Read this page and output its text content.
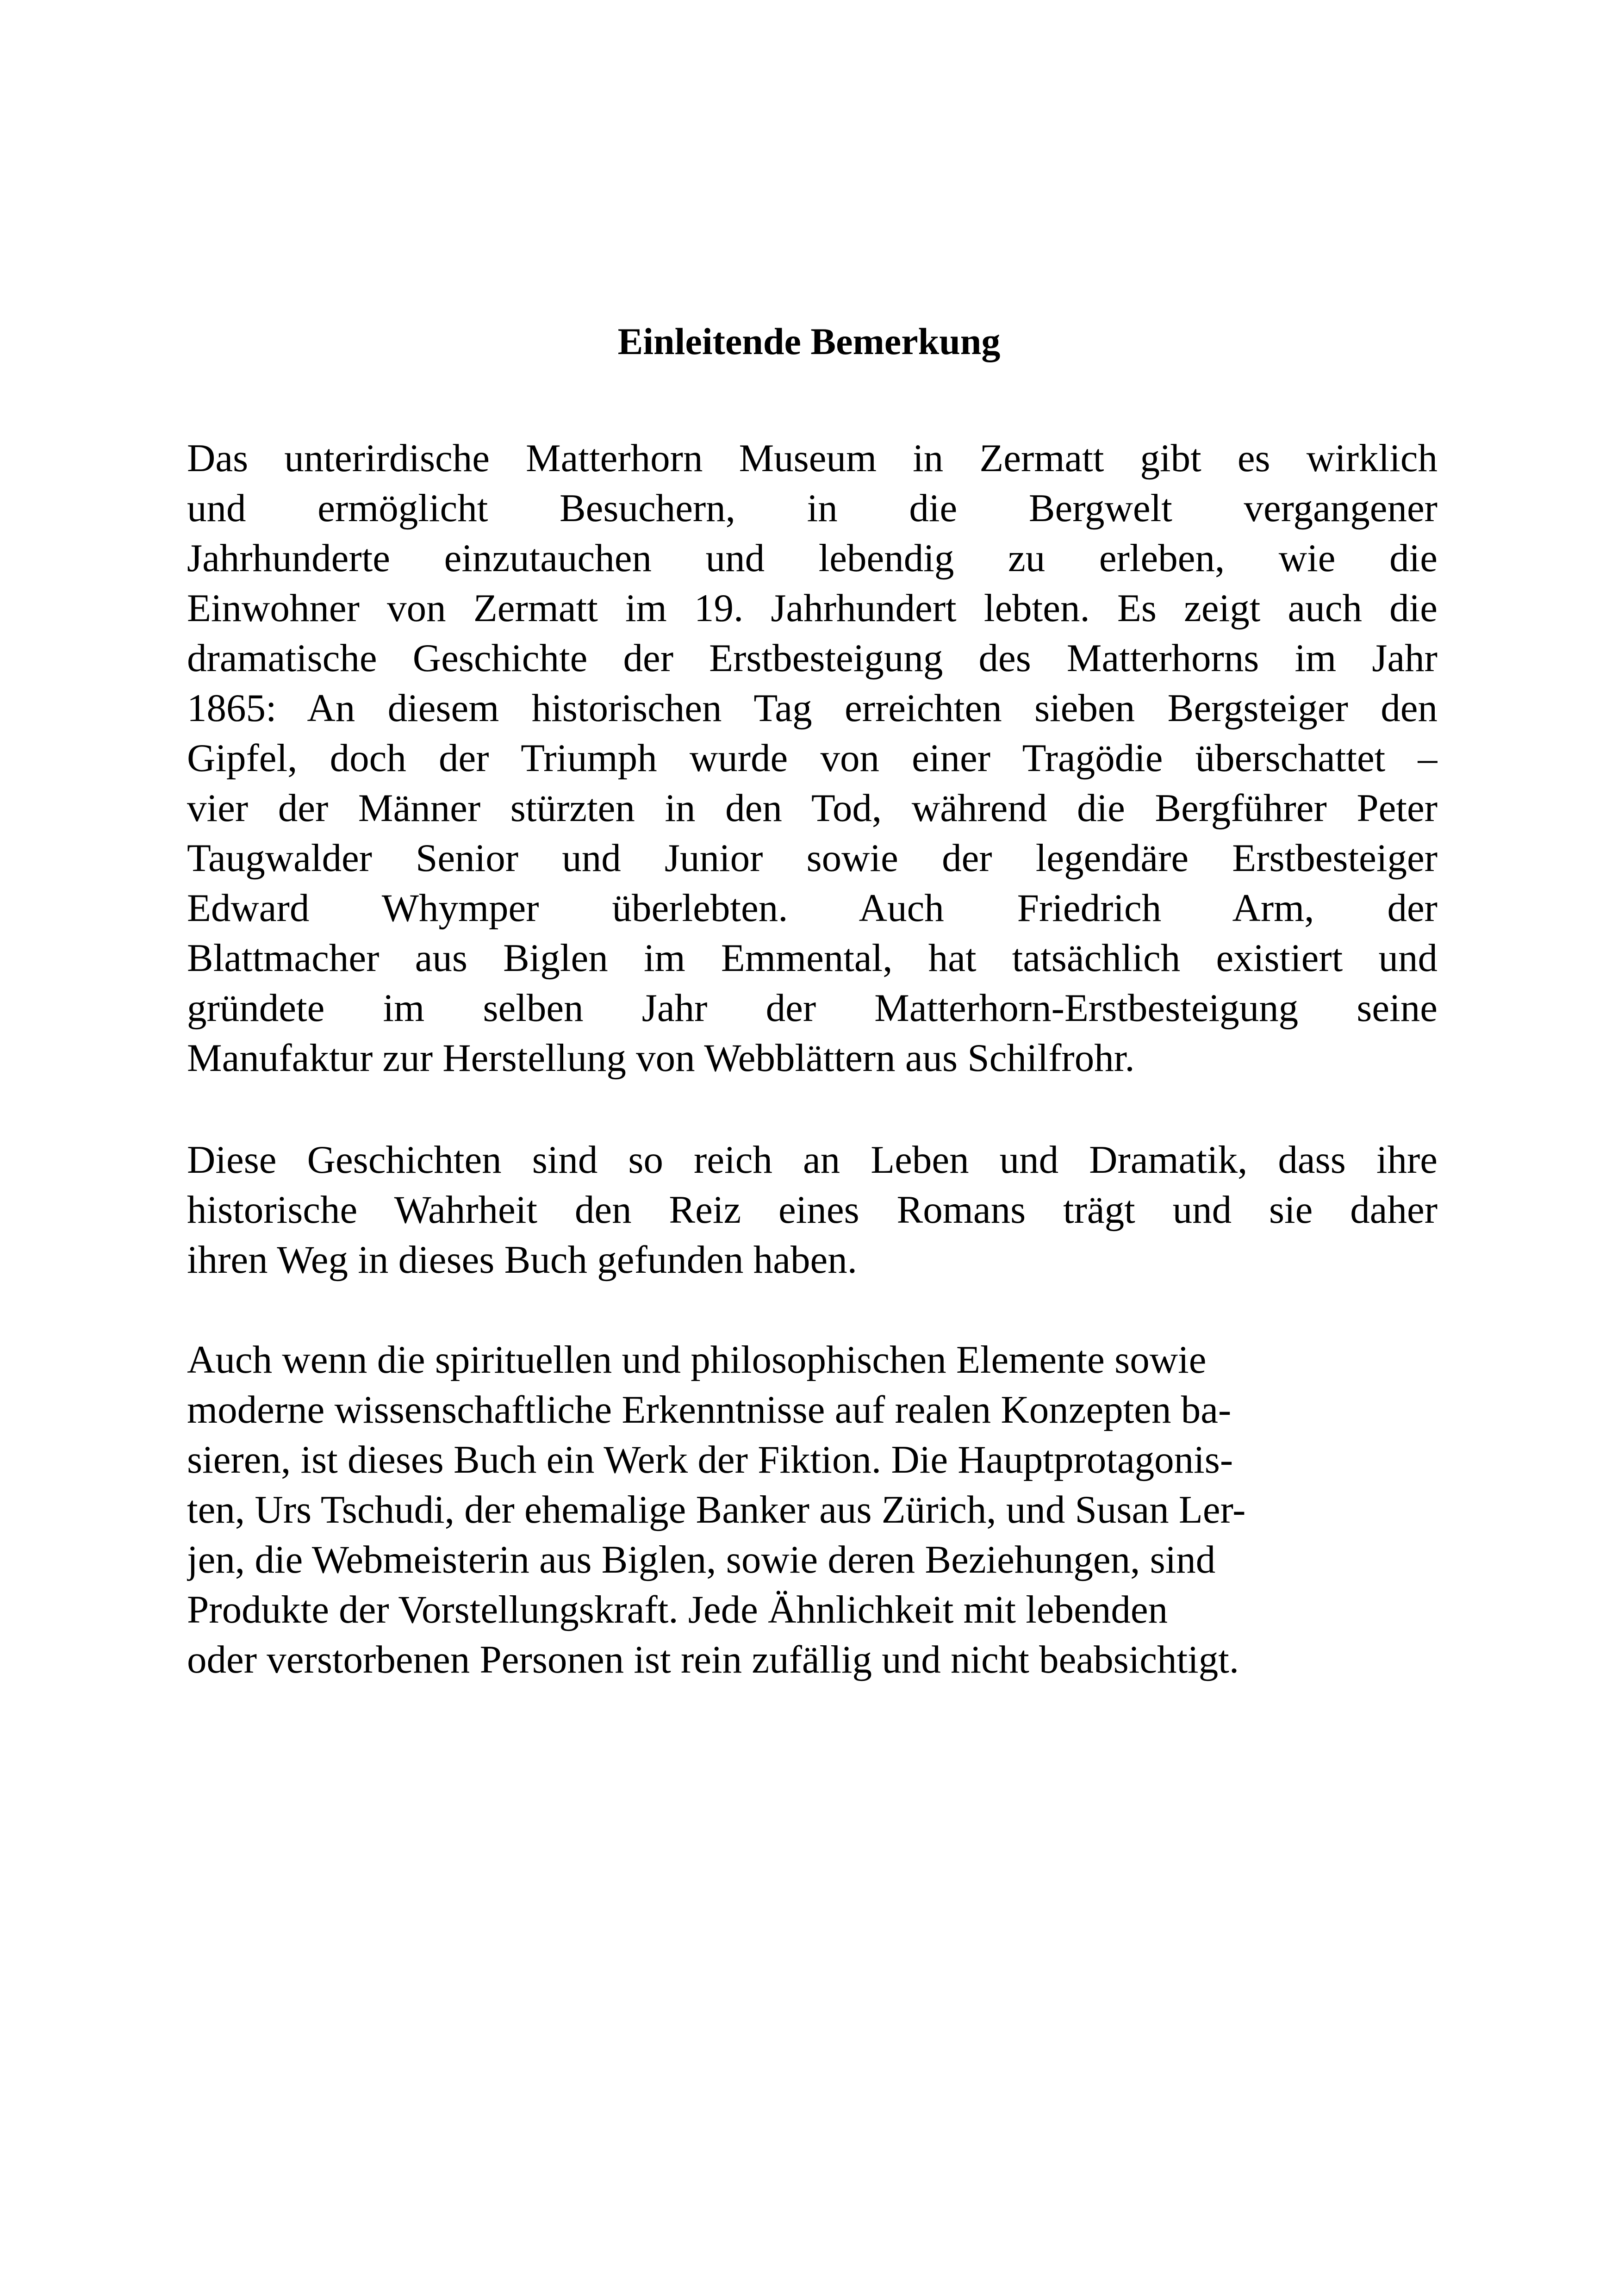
Einleitende Bemerkung
Das unterirdische Matterhorn Museum in Zermatt gibt es wirklich
und ermöglicht Besuchern, in die Bergwelt vergangener
Jahrhunderte einzutauchen und lebendig zu erleben, wie die
Einwohner von Zermatt im 19. Jahrhundert lebten. Es zeigt auch die
dramatische Geschichte der Erstbesteigung des Matterhorns im Jahr
1865: An diesem historischen Tag erreichten sieben Bergsteiger den
Gipfel, doch der Triumph wurde von einer Tragödie überschattet –
vier der Männer stürzten in den Tod, während die Bergführer Peter
Taugwalder Senior und Junior sowie der legendäre Erstbesteiger
Edward Whymper überlebten. Auch Friedrich Arm, der
Blattmacher aus Biglen im Emmental, hat tatsächlich existiert und
gründete im selben Jahr der Matterhorn-Erstbesteigung seine
Manufaktur zur Herstellung von Webblättern aus Schilfrohr.
Diese Geschichten sind so reich an Leben und Dramatik, dass ihre
historische Wahrheit den Reiz eines Romans trägt und sie daher
ihren Weg in dieses Buch gefunden haben.
Auch wenn die spirituellen und philosophischen Elemente sowie
moderne wissenschaftliche Erkenntnisse auf realen Konzepten ba-
sieren, ist dieses Buch ein Werk der Fiktion. Die Hauptprotagonis-
ten, Urs Tschudi, der ehemalige Banker aus Zürich, und Susan Ler-
jen, die Webmeisterin aus Biglen, sowie deren Beziehungen, sind
Produkte der Vorstellungskraft. Jede Ähnlichkeit mit lebenden
oder verstorbenen Personen ist rein zufällig und nicht beabsichtigt.
